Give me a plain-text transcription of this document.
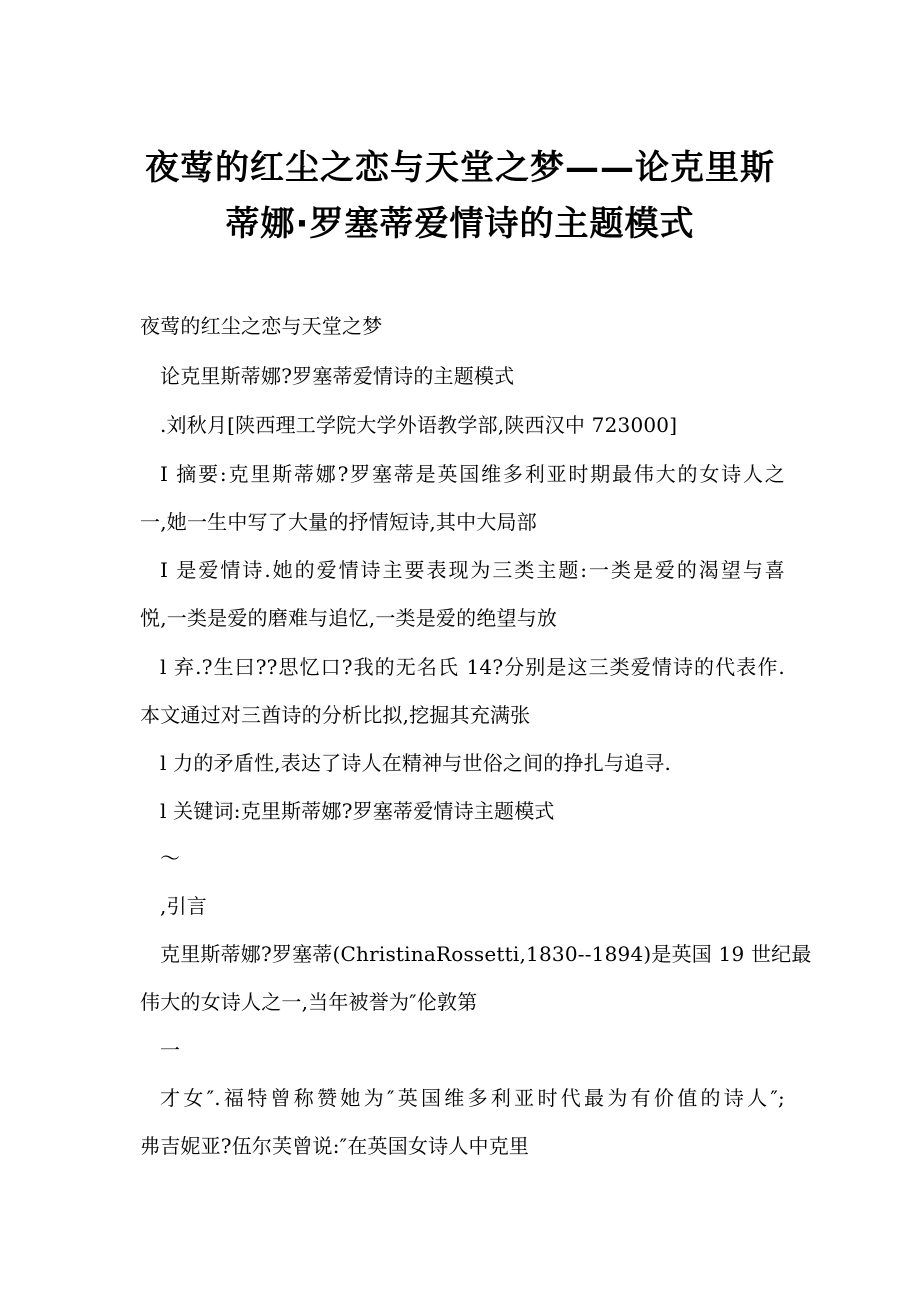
夜莺的红尘之恋与天堂之梦——论克里斯
蒂娜·罗塞蒂爱情诗的主题模式
夜莺的红尘之恋与天堂之梦
论克里斯蒂娜?罗塞蒂爱情诗的主题模式
.刘秋月[陕西理工学院大学外语教学部,陕西汉中 723000]
I 摘要:克里斯蒂娜?罗塞蒂是英国维多利亚时期最伟大的女诗人之
一,她一生中写了大量的抒情短诗,其中大局部
I 是爱情诗.她的爱情诗主要表现为三类主题:一类是爱的渴望与喜
悦,一类是爱的磨难与追忆,一类是爱的绝望与放
l 弃.?生曰??思忆口?我的无名氏 14?分别是这三类爱情诗的代表作.
本文通过对三酋诗的分析比拟,挖掘其充满张
l 力的矛盾性,表达了诗人在精神与世俗之间的挣扎与追寻.
l 关键词:克里斯蒂娜?罗塞蒂爱情诗主题模式
～
,引言
克里斯蒂娜?罗塞蒂(ChristinaRossetti,1830--1894)是英国 19 世纪最
伟大的女诗人之一,当年被誉为″伦敦第
一
才女″.福特曾称赞她为″英国维多利亚时代最为有价值的诗人″;
弗吉妮亚?伍尔芙曾说:″在英国女诗人中克里
